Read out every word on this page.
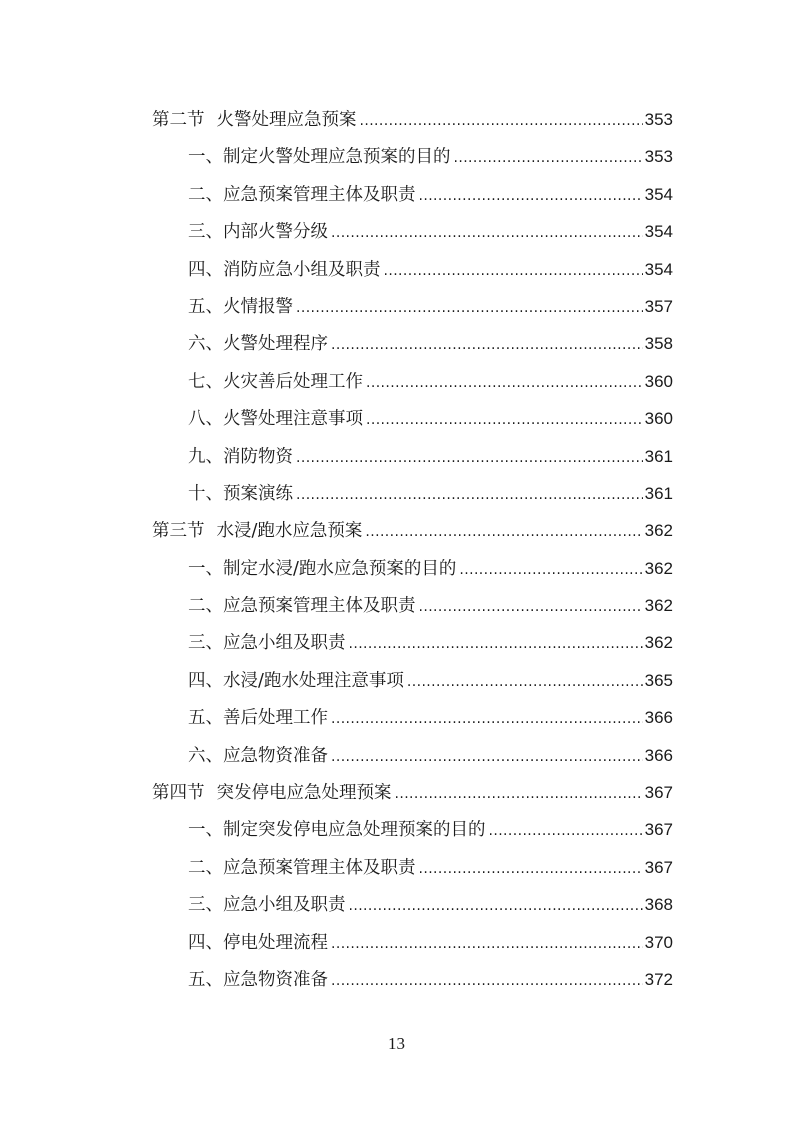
第二节 火警处理应急预案 .....	353
一、制定火警处理应急预案的目的 .....	353
二、应急预案管理主体及职责 .....	354
三、内部火警分级 .....	354
四、消防应急小组及职责 .....	354
五、火情报警 .....	357
六、火警处理程序 .....	358
七、火灾善后处理工作 .....	360
八、火警处理注意事项 .....	360
九、消防物资 .....	361
十、预案演练 .....	361
第三节 水浸/跑水应急预案 .....	362
一、制定水浸/跑水应急预案的目的 .....	362
二、应急预案管理主体及职责 .....	362
三、应急小组及职责 .....	362
四、水浸/跑水处理注意事项 .....	365
五、善后处理工作 .....	366
六、应急物资准备 .....	366
第四节 突发停电应急处理预案 .....	367
一、制定突发停电应急处理预案的目的 .....	367
二、应急预案管理主体及职责 .....	367
三、应急小组及职责 .....	368
四、停电处理流程 .....	370
五、应急物资准备 .....	372
13
